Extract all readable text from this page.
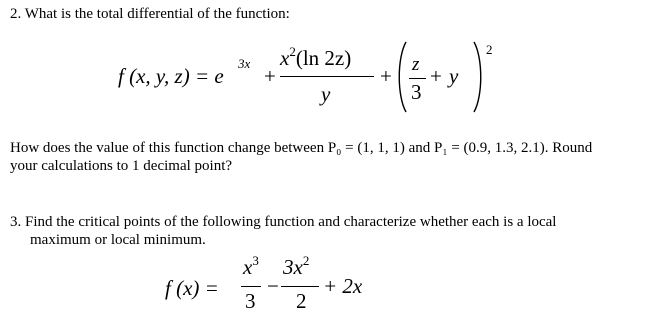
2. What is the total differential of the function:
f (x, y, z) = e
3x
+
$x^2(\ln$ 2z)
y
+ z
3
+ y
2
How does the value of this function change between P₀ = (1, 1, 1) and P₁ = (0.9, 1.3, 2.1). Round
your calculations to 1 decimal point?
3. Find the critical points of the following function and characterize whether each is a local
maximum or local minimum.
f (x) =
$x^3$
3
−
$3x^2$
2
+ 2x
